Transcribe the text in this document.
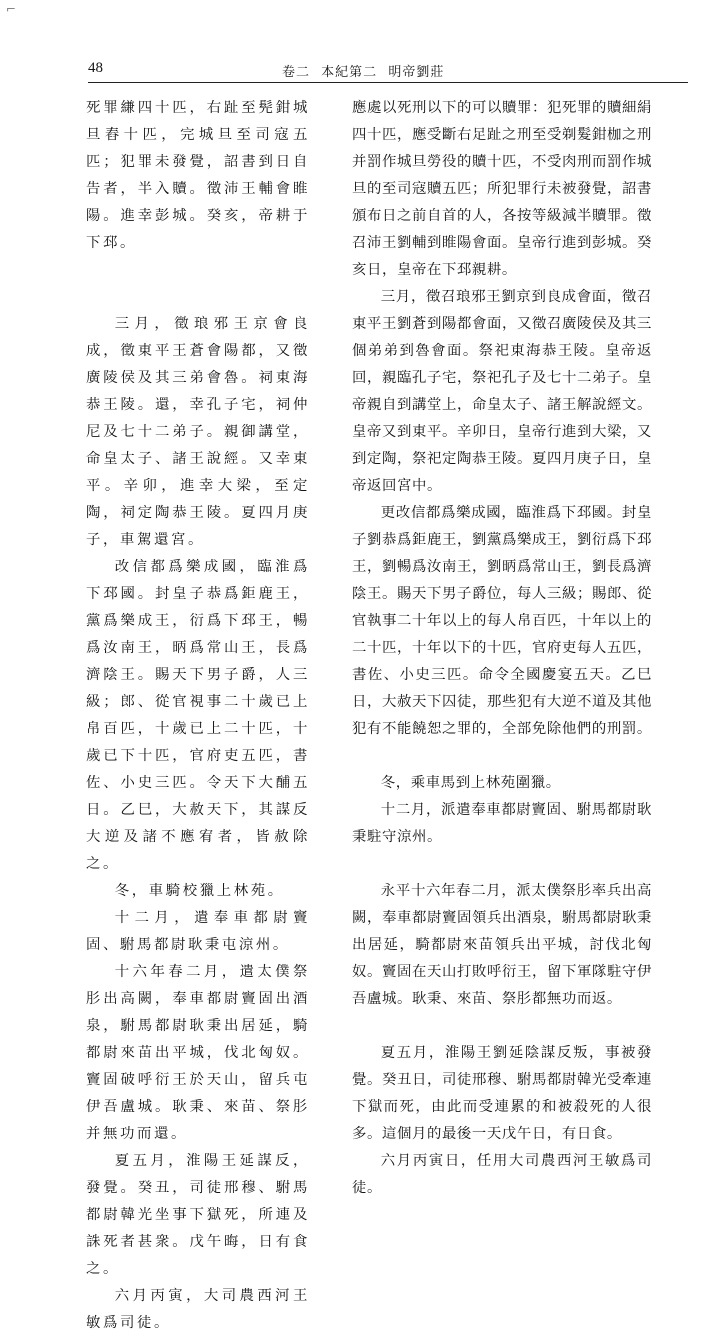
48	卷二 本紀第二 明帝劉莊
⌐

死罪縑四十匹，右趾至髡鉗城旦舂十匹，完城旦至司寇五匹；犯罪未發覺，詔書到日自告者，半入贖。徵沛王輔會睢陽。進幸彭城。癸亥，帝耕于下邳。

三月，徵琅邪王京會良成，徵東平王蒼會陽都，又徵廣陵侯及其三弟會魯。祠東海恭王陵。還，幸孔子宅，祠仲尼及七十二弟子。親御講堂，命皇太子、諸王說經。又幸東平。辛卯，進幸大梁，至定陶，祠定陶恭王陵。夏四月庚子，車駕還宮。

改信都爲樂成國，臨淮爲下邳國。封皇子恭爲鉅鹿王，黨爲樂成王，衍爲下邳王，暢爲汝南王，昞爲常山王，長爲濟陰王。賜天下男子爵，人三級；郎、從官視事二十歲已上帛百匹，十歲已上二十匹，十歲已下十匹，官府吏五匹，書佐、小史三匹。令天下大酺五日。乙巳，大赦天下，其謀反大逆及諸不應宥者，皆赦除之。

冬，車騎校獵上林苑。

十二月，遣奉車都尉竇固、駙馬都尉耿秉屯涼州。

十六年春二月，遣太僕祭肜出高闕，奉車都尉竇固出酒泉，駙馬都尉耿秉出居延，騎都尉來苗出平城，伐北匈奴。竇固破呼衍王於天山，留兵屯伊吾盧城。耿秉、來苗、祭肜并無功而還。

夏五月，淮陽王延謀反，發覺。癸丑，司徒邢穆、駙馬都尉韓光坐事下獄死，所連及誅死者甚衆。戊午晦，日有食之。

六月丙寅，大司農西河王敏爲司徒。

應處以死刑以下的可以贖罪：犯死罪的贖細絹四十匹，應受斷右足趾之刑至受剃髮鉗枷之刑并罰作城旦勞役的贖十匹，不受肉刑而罰作城旦的至司寇贖五匹；所犯罪行未被發覺，詔書頒布日之前自首的人，各按等級減半贖罪。徵召沛王劉輔到睢陽會面。皇帝行進到彭城。癸亥日，皇帝在下邳親耕。

三月，徵召琅邪王劉京到良成會面，徵召東平王劉蒼到陽都會面，又徵召廣陵侯及其三個弟弟到魯會面。祭祀東海恭王陵。皇帝返回，親臨孔子宅，祭祀孔子及七十二弟子。皇帝親自到講堂上，命皇太子、諸王解說經文。皇帝又到東平。辛卯日，皇帝行進到大梁，又到定陶，祭祀定陶恭王陵。夏四月庚子日，皇帝返回宮中。

更改信都爲樂成國，臨淮爲下邳國。封皇子劉恭爲鉅鹿王，劉黨爲樂成王，劉衍爲下邳王，劉暢爲汝南王，劉昞爲常山王，劉長爲濟陰王。賜天下男子爵位，每人三級；賜郎、從官執事二十年以上的每人帛百匹，十年以上的二十匹，十年以下的十匹，官府吏每人五匹，書佐、小史三匹。命令全國慶宴五天。乙巳日，大赦天下囚徒，那些犯有大逆不道及其他犯有不能饒恕之罪的，全部免除他們的刑罰。

冬，乘車馬到上林苑圍獵。

十二月，派遣奉車都尉竇固、駙馬都尉耿秉駐守涼州。

永平十六年春二月，派太僕祭肜率兵出高闕，奉車都尉竇固領兵出酒泉，駙馬都尉耿秉出居延，騎都尉來苗領兵出平城，討伐北匈奴。竇固在天山打敗呼衍王，留下軍隊駐守伊吾盧城。耿秉、來苗、祭肜都無功而返。

夏五月，淮陽王劉延陰謀反叛，事被發覺。癸丑日，司徒邢穆、駙馬都尉韓光受牽連下獄而死，由此而受連累的和被殺死的人很多。這個月的最後一天戊午日，有日食。

六月丙寅日，任用大司農西河王敏爲司徒。
